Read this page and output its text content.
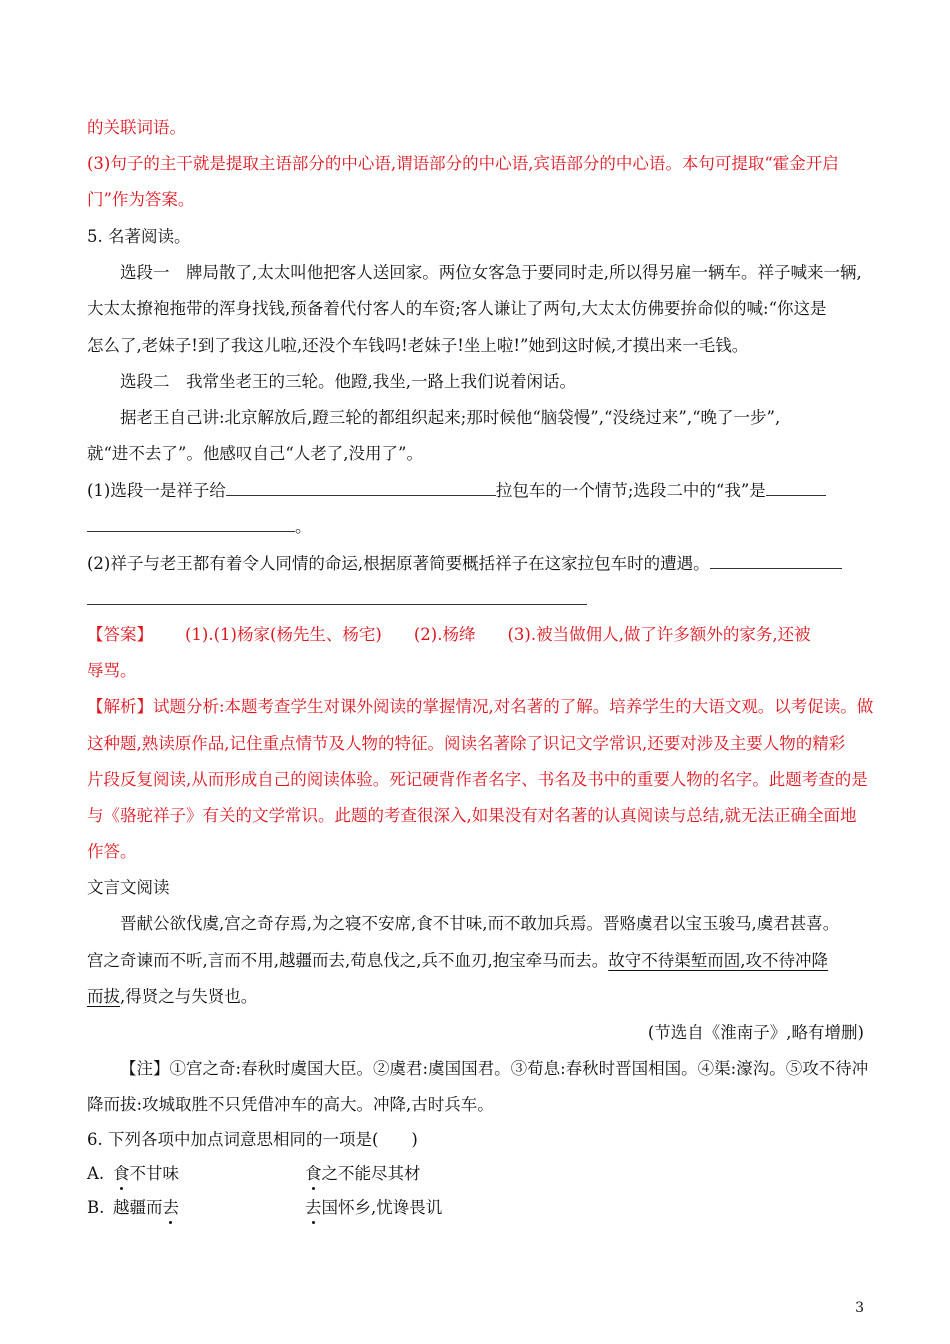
的关联词语。
(3)句子的主干就是提取主语部分的中心语,谓语部分的中心语,宾语部分的中心语。本句可提取“霍金开启
门”作为答案。
5. 名著阅读。
选段一　牌局散了,太太叫他把客人送回家。两位女客急于要同时走,所以得另雇一辆车。祥子喊来一辆,
大太太撩袍拖带的浑身找钱,预备着代付客人的车资;客人谦让了两句,大太太仿佛要拚命似的喊:“你这是
怎么了,老妹子!到了我这儿啦,还没个车钱吗!老妹子!坐上啦!”她到这时候,才摸出来一毛钱。
选段二　我常坐老王的三轮。他蹬,我坐,一路上我们说着闲话。
据老王自己讲:北京解放后,蹬三轮的都组织起来;那时候他“脑袋慢”,“没绕过来”,“晚了一步”,
就“进不去了”。他感叹自己“人老了,没用了”。
(1)选段一是祥子给	拉包车的一个情节;选段二中的“我”是
。
(2)祥子与老王都有着令人同情的命运,根据原著简要概括祥子在这家拉包车时的遭遇。
【答案】 (1).(1)杨家(杨先生、杨宅) (2).杨绛 (3).被当做佣人,做了许多额外的家务,还被
辱骂。
【解析】试题分析:本题考查学生对课外阅读的掌握情况,对名著的了解。培养学生的大语文观。以考促读。做
这种题,熟读原作品,记住重点情节及人物的特征。阅读名著除了识记文学常识,还要对涉及主要人物的精彩
片段反复阅读,从而形成自己的阅读体验。死记硬背作者名字、书名及书中的重要人物的名字。此题考查的是
与《骆驼祥子》有关的文学常识。此题的考查很深入,如果没有对名著的认真阅读与总结,就无法正确全面地
作答。
文言文阅读
晋献公欲伐虞,宫之奇存焉,为之寝不安席,食不甘味,而不敢加兵焉。晋赂虞君以宝玉骏马,虞君甚喜。
宫之奇谏而不听,言而不用,越疆而去,荀息伐之,兵不血刃,抱宝牵马而去。故守不待渠堑而固,攻不待冲降
而拔,得贤之与失贤也。
(节选自《淮南子》,略有增删)
【注】①宫之奇:春秋时虞国大臣。②虞君:虞国国君。③荀息:春秋时晋国相国。④渠:濠沟。⑤攻不待冲
降而拔:攻城取胜不只凭借冲车的高大。冲降,古时兵车。
6. 下列各项中加点词意思相同的一项是(　　)
A. 食不甘味	食之不能尽其材
B. 越疆而去	去国怀乡,忧谗畏讥
3
